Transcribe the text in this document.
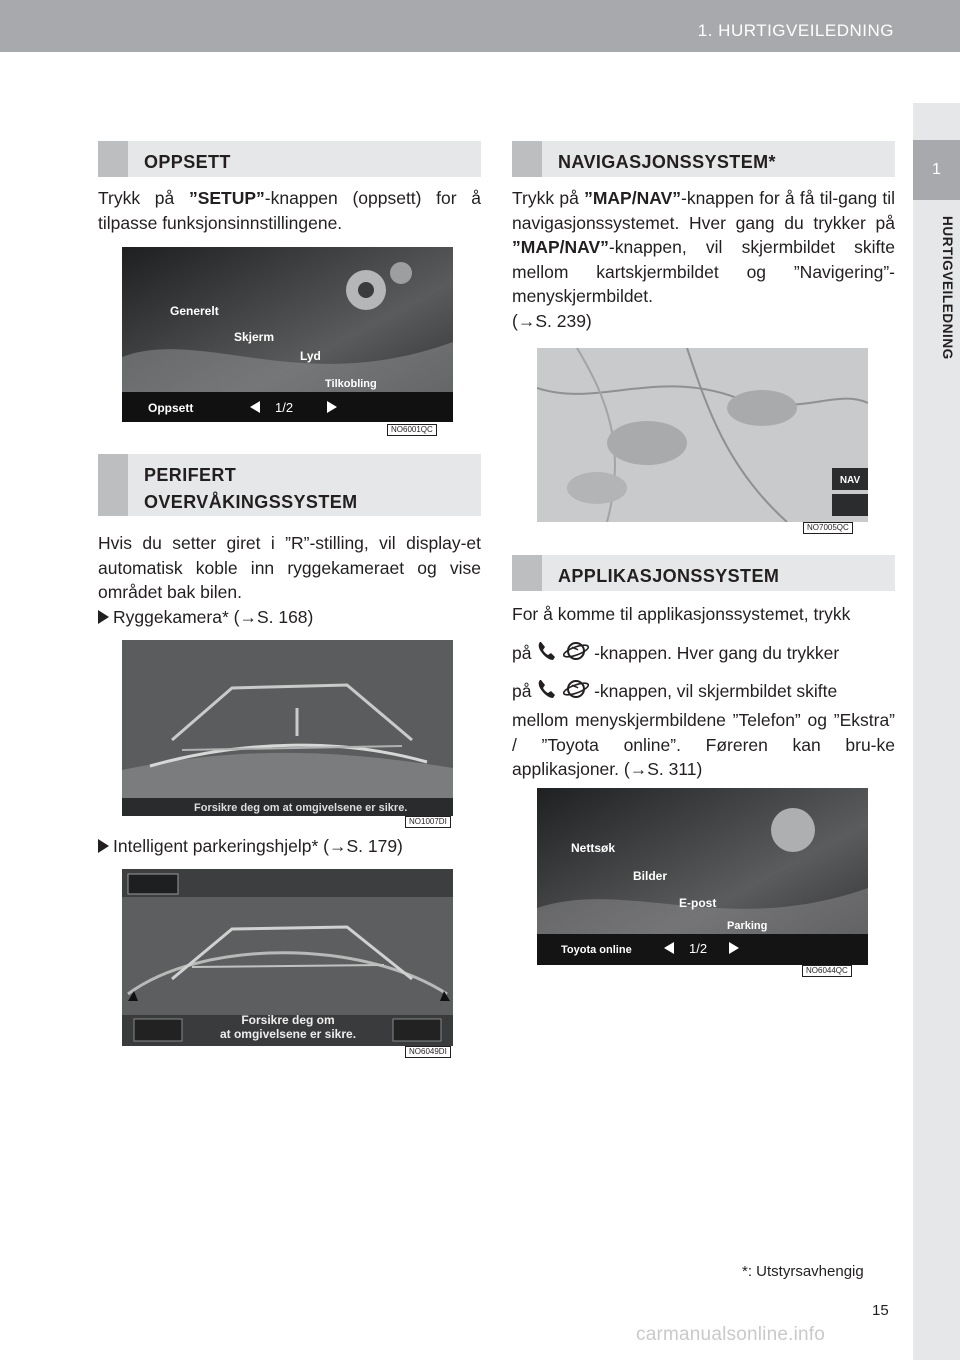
1. HURTIGVEILEDNING
1
HURTIGVEILEDNING
OPPSETT
Trykk på ”SETUP”-knappen (oppsett) for å tilpasse funksjonsinnstillingene.
Generelt
Skjerm
Lyd
Tilkobling
Oppsett	1/2
NO6001QC
PERIFERT
OVERVÅKINGSSYSTEM
Hvis du setter giret i ”R”-stilling, vil display-et automatisk koble inn ryggekameraet og vise området bak bilen.
Ryggekamera* (→S. 168)
Forsikre deg om at omgivelsene er sikre.
NO1007DI
Intelligent parkeringshjelp* (→S. 179)
Forsikre deg om
at omgivelsene er sikre.
NO6049DI
NAVIGASJONSSYSTEM*
Trykk på ”MAP/NAV”-knappen for å få til-gang til navigasjonssystemet. Hver gang du trykker på ”MAP/NAV”-knappen, vil skjermbildet skifte mellom kartskjermbildet og ”Navigering”-menyskjermbildet.
(→S. 239)
NAV
NO7005QC
APPLIKASJONSSYSTEM
For å komme til applikasjonssystemet, trykk
på	-knappen. Hver gang du trykker
på	-knappen, vil skjermbildet skifte
mellom menyskjermbildene ”Telefon” og ”Ekstra” / ”Toyota online”. Føreren kan bru-ke applikasjoner. (→S. 311)
Nettsøk
Bilder
E-post
Parking
Toyota online	1/2
NO6044QC
*: Utstyrsavhengig
15
carmanualsonline.info
